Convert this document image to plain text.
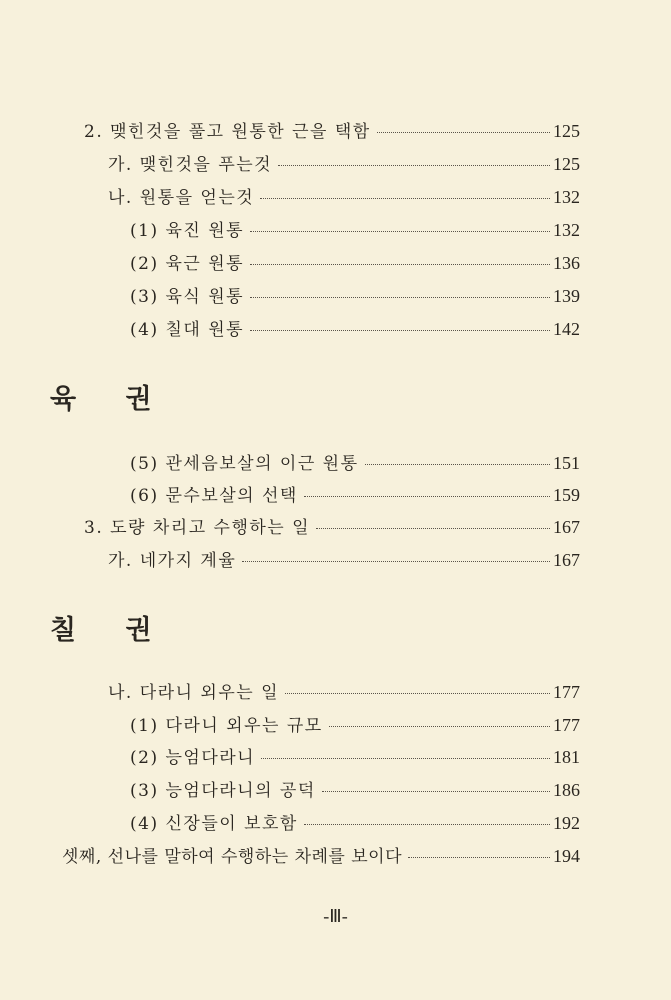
2. 맺힌것을 풀고 원통한 근을 택함	125
가. 맺힌것을 푸는것	125
나. 원통을 얻는것	132
(1) 육진 원통	132
(2) 육근 원통	136
(3) 육식 원통	139
(4) 칠대 원통	142
육 권
(5) 관세음보살의 이근 원통	151
(6) 문수보살의 선택	159
3. 도량 차리고 수행하는 일	167
가. 네가지 계율	167
칠 권
나. 다라니 외우는 일	177
(1) 다라니 외우는 규모	177
(2) 능엄다라니	181
(3) 능엄다라니의 공덕	186
(4) 신장들이 보호함	192
셋째, 선나를 말하여 수행하는 차례를 보이다	194
-Ⅲ-
